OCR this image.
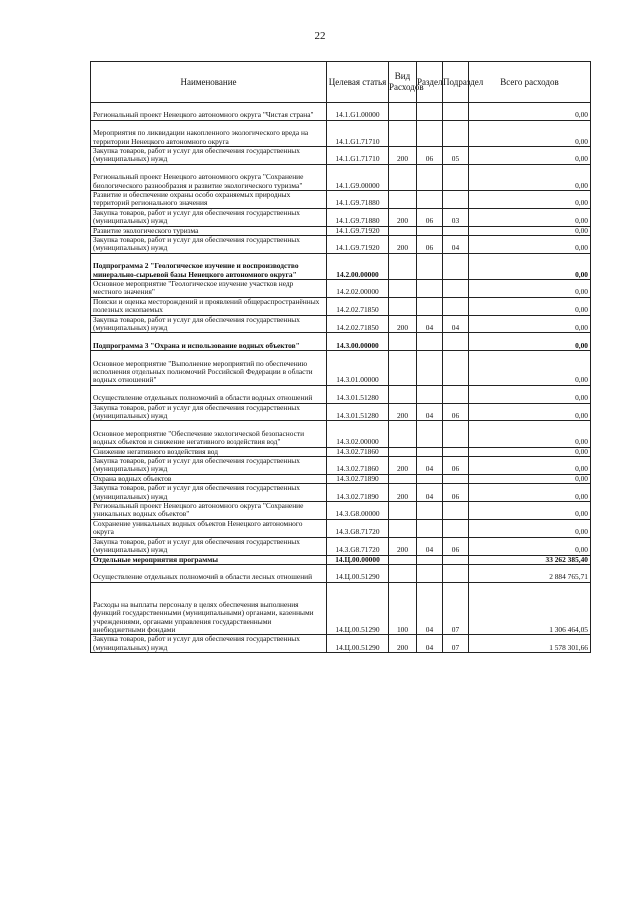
22
Наименование	Целевая статья	Вид Расходов	Раздел	Подраздел	Всего расходов
Региональный проект Ненецкого автономного округа "Чистая страна"	14.1.G1.00000				0,00
Мероприятия по ликвидации накопленного экологического вреда на территории Ненецкого автономного округа	14.1.G1.71710				0,00
Закупка товаров, работ и услуг для обеспечения государственных (муниципальных) нужд	14.1.G1.71710	200	06	05	0,00
Региональный проект Ненецкого автономного округа "Сохранение биологического разнообразия и развитие экологического туризма"	14.1.G9.00000				0,00
Развитие и обеспечение охраны особо охраняемых природных территорий регионального значения	14.1.G9.71880				0,00
Закупка товаров, работ и услуг для обеспечения государственных (муниципальных) нужд	14.1.G9.71880	200	06	03	0,00
Развитие экологического туризма	14.1.G9.71920				0,00
Закупка товаров, работ и услуг для обеспечения государственных (муниципальных) нужд	14.1.G9.71920	200	06	04	0,00
Подпрограмма 2 "Геологическое изучение и воспроизводство минерально-сырьевой базы Ненецкого автономного округа"	14.2.00.00000				0,00
Основное мероприятие "Геологическое изучение участков недр местного значения"	14.2.02.00000				0,00
Поиски и оценка месторождений и проявлений общераспространённых полезных ископаемых	14.2.02.71850				0,00
Закупка товаров, работ и услуг для обеспечения государственных (муниципальных) нужд	14.2.02.71850	200	04	04	0,00
Подпрограмма 3 "Охрана и использование водных объектов"	14.3.00.00000				0,00
Основное мероприятие "Выполнение мероприятий по обеспечению исполнения отдельных полномочий Российской Федерации в области водных отношений"	14.3.01.00000				0,00
Осуществление отдельных полномочий в области водных отношений	14.3.01.51280				0,00
Закупка товаров, работ и услуг для обеспечения государственных (муниципальных) нужд	14.3.01.51280	200	04	06	0,00
Основное мероприятие "Обеспечение экологической безопасности водных объектов и снижение негативного воздействия вод"	14.3.02.00000				0,00
Снижение негативного воздействия вод	14.3.02.71860				0,00
Закупка товаров, работ и услуг для обеспечения государственных (муниципальных) нужд	14.3.02.71860	200	04	06	0,00
Охрана водных объектов	14.3.02.71890				0,00
Закупка товаров, работ и услуг для обеспечения государственных (муниципальных) нужд	14.3.02.71890	200	04	06	0,00
Региональный проект Ненецкого автономного округа "Сохранение уникальных водных объектов"	14.3.G8.00000				0,00
Сохранение уникальных водных объектов Ненецкого автономного округа	14.3.G8.71720				0,00
Закупка товаров, работ и услуг для обеспечения государственных (муниципальных) нужд	14.3.G8.71720	200	04	06	0,00
Отдельные мероприятия программы	14.Ц.00.00000				33 262 385,40
Осуществление отдельных полномочий в области лесных отношений	14.Ц.00.51290				2 884 765,71
Расходы на выплаты персоналу в целях обеспечения выполнения функций государственными (муниципальными) органами, казенными учреждениями, органами управления государственными внебюджетными фондами	14.Ц.00.51290	100	04	07	1 306 464,05
Закупка товаров, работ и услуг для обеспечения государственных (муниципальных) нужд	14.Ц.00.51290	200	04	07	1 578 301,66
